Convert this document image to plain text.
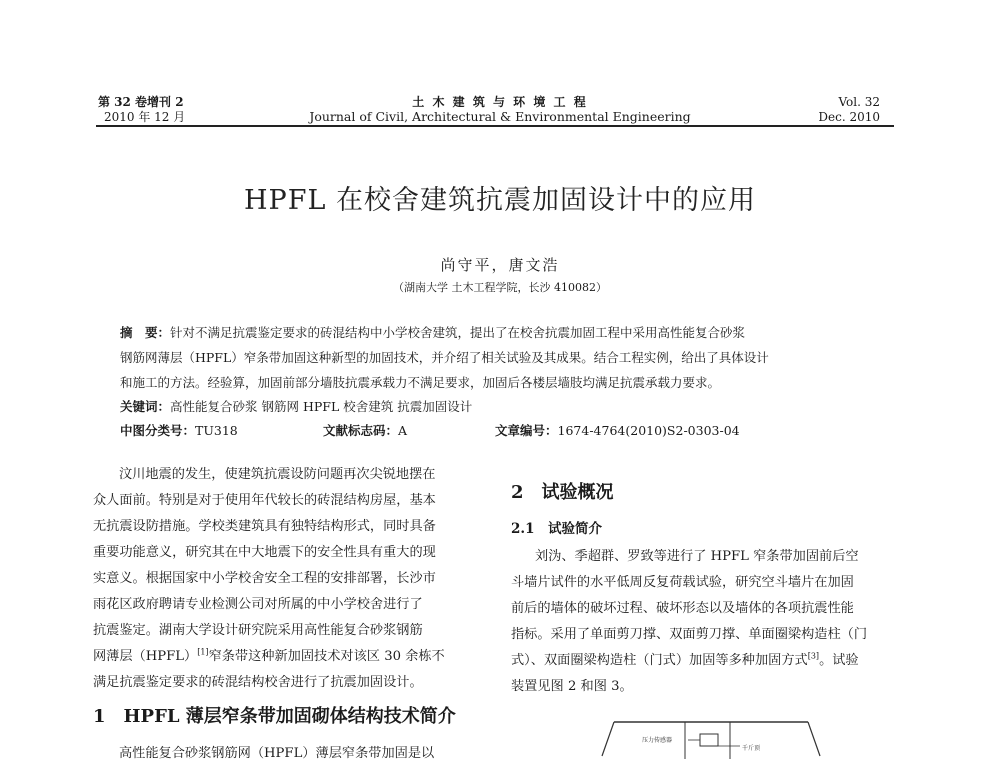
第 32 卷增刊 2
2010 年 12 月
土 木 建 筑 与 环 境 工 程
Journal of Civil, Architectural & Environmental Engineering
Vol. 32
Dec. 2010
HPFL 在校舍建筑抗震加固设计中的应用
尚守平，唐文浩
（湖南大学 土木工程学院，长沙 410082）
摘　要：针对不满足抗震鉴定要求的砖混结构中小学校舍建筑，提出了在校舍抗震加固工程中采用高性能复合砂浆
钢筋网薄层（HPFL）窄条带加固这种新型的加固技术，并介绍了相关试验及其成果。结合工程实例，给出了具体设计
和施工的方法。经验算，加固前部分墙肢抗震承载力不满足要求，加固后各楼层墙肢均满足抗震承载力要求。
关键词：高性能复合砂浆 钢筋网 HPFL 校舍建筑 抗震加固设计
中图分类号：TU318	文献标志码：A	文章编号：1674-4764(2010)S2-0303-04
汶川地震的发生，使建筑抗震设防问题再次尖锐地摆在
众人面前。特别是对于使用年代较长的砖混结构房屋，基本
无抗震设防措施。学校类建筑具有独特结构形式，同时具备
重要功能意义，研究其在中大地震下的安全性具有重大的现
实意义。根据国家中小学校舍安全工程的安排部署，长沙市
雨花区政府聘请专业检测公司对所属的中小学校舍进行了
抗震鉴定。湖南大学设计研究院采用高性能复合砂浆钢筋
网薄层（HPFL）[1]窄条带这种新加固技术对该区 30 余栋不
满足抗震鉴定要求的砖混结构校舍进行了抗震加固设计。
1　HPFL 薄层窄条带加固砌体结构技术简介
高性能复合砂浆钢筋网（HPFL）薄层窄条带加固是以
2　试验概况
2.1　试验简介
刘沩、季超群、罗致等进行了 HPFL 窄条带加固前后空
斗墙片试件的水平低周反复荷载试验，研究空斗墙片在加固
前后的墙体的破坏过程、破坏形态以及墙体的各项抗震性能
指标。采用了单面剪刀撑、双面剪刀撑、单面圈梁构造柱（门
式）、双面圈梁构造柱（门式）加固等多种加固方式[3]。试验
装置见图 2 和图 3。
压力传感器
千斤顶
